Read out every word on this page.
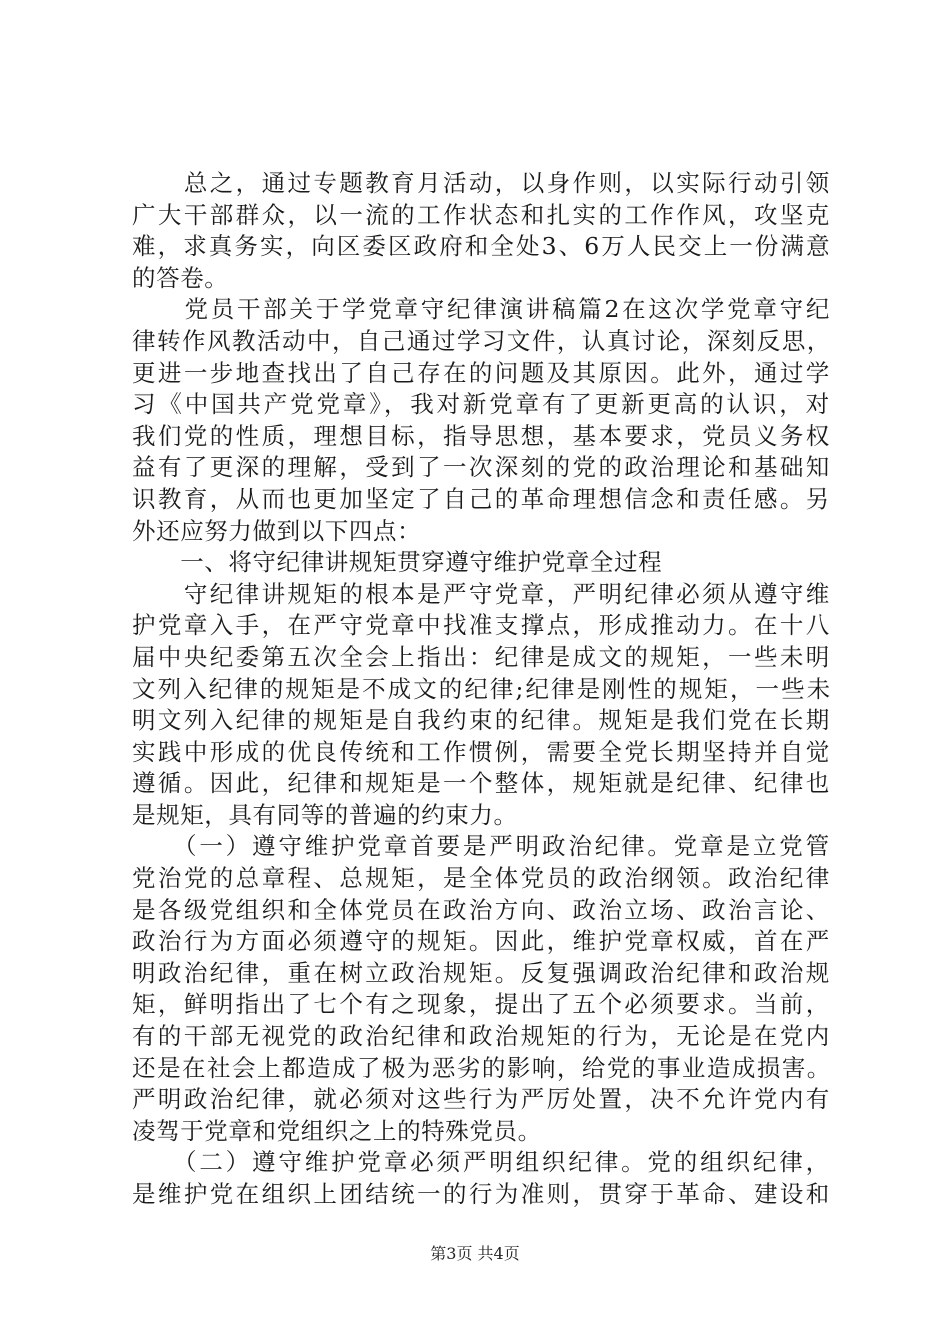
　　总之，通过专题教育月活动，以身作则，以实际行动引领
广大干部群众，以一流的工作状态和扎实的工作作风，攻坚克
难，求真务实，向区委区政府和全处3、6万人民交上一份满意
的答卷。
　　党员干部关于学党章守纪律演讲稿篇2在这次学党章守纪
律转作风教活动中，自己通过学习文件，认真讨论，深刻反思，
更进一步地查找出了自己存在的问题及其原因。此外，通过学
习《中国共产党党章》，我对新党章有了更新更高的认识，对
我们党的性质，理想目标，指导思想，基本要求，党员义务权
益有了更深的理解，受到了一次深刻的党的政治理论和基础知
识教育，从而也更加坚定了自己的革命理想信念和责任感。另
外还应努力做到以下四点：
　　一、将守纪律讲规矩贯穿遵守维护党章全过程
　　守纪律讲规矩的根本是严守党章，严明纪律必须从遵守维
护党章入手，在严守党章中找准支撑点，形成推动力。在十八
届中央纪委第五次全会上指出：纪律是成文的规矩，一些未明
文列入纪律的规矩是不成文的纪律;纪律是刚性的规矩，一些未
明文列入纪律的规矩是自我约束的纪律。规矩是我们党在长期
实践中形成的优良传统和工作惯例，需要全党长期坚持并自觉
遵循。因此，纪律和规矩是一个整体，规矩就是纪律、纪律也
是规矩，具有同等的普遍的约束力。
　　（一）遵守维护党章首要是严明政治纪律。党章是立党管
党治党的总章程、总规矩，是全体党员的政治纲领。政治纪律
是各级党组织和全体党员在政治方向、政治立场、政治言论、
政治行为方面必须遵守的规矩。因此，维护党章权威，首在严
明政治纪律，重在树立政治规矩。反复强调政治纪律和政治规
矩，鲜明指出了七个有之现象，提出了五个必须要求。当前，
有的干部无视党的政治纪律和政治规矩的行为，无论是在党内
还是在社会上都造成了极为恶劣的影响，给党的事业造成损害。
严明政治纪律，就必须对这些行为严厉处置，决不允许党内有
凌驾于党章和党组织之上的特殊党员。
　　（二）遵守维护党章必须严明组织纪律。党的组织纪律，
是维护党在组织上团结统一的行为准则，贯穿于革命、建设和
第3页 共4页
